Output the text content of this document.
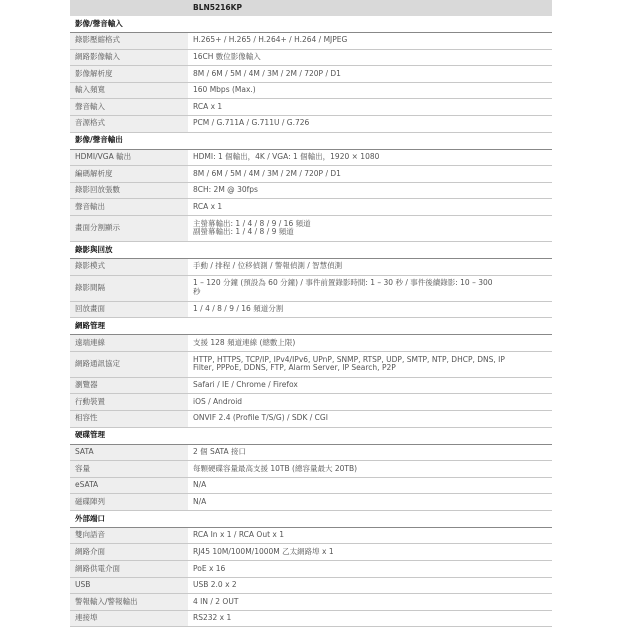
	BLN5216KP
影像/聲音輸入	
錄影壓縮格式	H.265+ / H.265 / H.264+ / H.264 / MJPEG

網路影像輸入	16CH 數位影像輸入

影像解析度	8M / 6M / 5M / 4M / 3M / 2M / 720P / D1

輸入頻寬	160 Mbps (Max.)

聲音輸入	RCA x 1

音源格式	PCM / G.711A / G.711U / G.726

影像/聲音輸出	
HDMI/VGA 輸出	HDMI: 1 個輸出，4K / VGA: 1 個輸出，1920 × 1080

編碼解析度	8M / 6M / 5M / 4M / 3M / 2M / 720P / D1

錄影回放張數	8CH: 2M @ 30fps

聲音輸出	RCA x 1

畫面分割顯示	主螢幕輸出: 1 / 4 / 8 / 9 / 16 頻道
副螢幕輸出: 1 / 4 / 8 / 9 頻道

錄影與回放	
錄影模式	手動 / 排程 / 位移偵測 / 警報偵測 / 智慧偵測

錄影間隔	1 – 120 分鐘 (預設為 60 分鐘) / 事件前置錄影時間: 1 – 30 秒 / 事件後續錄影: 10 – 300
秒

回放畫面	1 / 4 / 8 / 9 / 16 頻道分割

網路管理	
遠端連線	支援 128 頻道連線 (總數上限)

網路通訊協定	HTTP, HTTPS, TCP/IP, IPv4/IPv6, UPnP, SNMP, RTSP, UDP, SMTP, NTP, DHCP, DNS, IP
Filter, PPPoE, DDNS, FTP, Alarm Server, IP Search, P2P

瀏覽器	Safari / IE / Chrome / Firefox

行動裝置	iOS / Android

相容性	ONVIF 2.4 (Profile T/S/G) / SDK / CGI

硬碟管理	
SATA	2 個 SATA 接口

容量	每顆硬碟容量最高支援 10TB (總容量最大 20TB)

eSATA	N/A

磁碟陣列	N/A

外部端口	
雙向語音	RCA In x 1 / RCA Out x 1

網路介面	RJ45 10M/100M/1000M 乙太網路埠 x 1

網路供電介面	PoE x 16

USB	USB 2.0 x 2

警報輸入/警報輸出	4 IN / 2 OUT

連接埠	RS232 x 1
